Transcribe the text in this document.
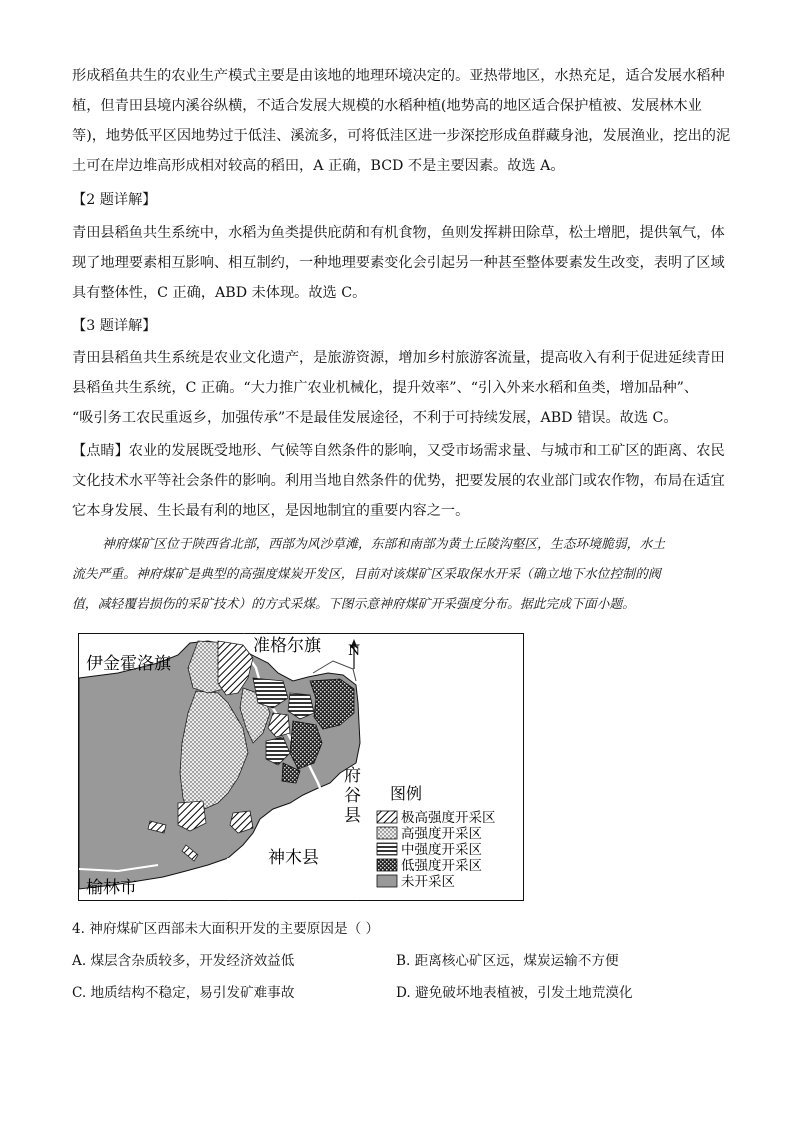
形成稻鱼共生的农业生产模式主要是由该地的地理环境决定的。亚热带地区，水热充足，适合发展水稻种
植，但青田县境内溪谷纵横，不适合发展大规模的水稻种植(地势高的地区适合保护植被、发展林木业
等)，地势低平区因地势过于低洼、溪流多，可将低洼区进一步深挖形成鱼群藏身池，发展渔业，挖出的泥
土可在岸边堆高形成相对较高的稻田，A 正确，BCD 不是主要因素。故选 A。
【2 题详解】
青田县稻鱼共生系统中，水稻为鱼类提供庇荫和有机食物，鱼则发挥耕田除草，松土增肥，提供氧气，体
现了地理要素相互影响、相互制约，一种地理要素变化会引起另一种甚至整体要素发生改变，表明了区域
具有整体性，C 正确，ABD 未体现。故选 C。
【3 题详解】
青田县稻鱼共生系统是农业文化遗产，是旅游资源，增加乡村旅游客流量，提高收入有利于促进延续青田
县稻鱼共生系统，C 正确。“大力推广农业机械化，提升效率”、“引入外来水稻和鱼类，增加品种”、
“吸引务工农民重返乡，加强传承”不是最佳发展途径，不利于可持续发展，ABD 错误。故选 C。
【点睛】农业的发展既受地形、气候等自然条件的影响，又受市场需求量、与城市和工矿区的距离、农民
文化技术水平等社会条件的影响。利用当地自然条件的优势，把要发展的农业部门或农作物，布局在适宜
它本身发展、生长最有利的地区，是因地制宜的重要内容之一。
神府煤矿区位于陕西省北部，西部为风沙草滩，东部和南部为黄土丘陵沟壑区，生态环境脆弱，水土
流失严重。神府煤矿是典型的高强度煤炭开发区，目前对该煤矿区采取保水开采（确立地下水位控制的阀
值，减轻覆岩损伤的采矿技术）的方式采煤。下图示意神府煤矿开采强度分布。据此完成下面小题。
N
伊金霍洛旗
准格尔旗
府
谷
县
神木县
榆林市
图例
极高强度开采区
高强度开采区
中强度开采区
低强度开采区
未开采区
4. 神府煤矿区西部未大面积开发的主要原因是（ ）
A. 煤层含杂质较多，开发经济效益低	B. 距离核心矿区远，煤炭运输不方便
C. 地质结构不稳定，易引发矿难事故	D. 避免破坏地表植被，引发土地荒漠化
